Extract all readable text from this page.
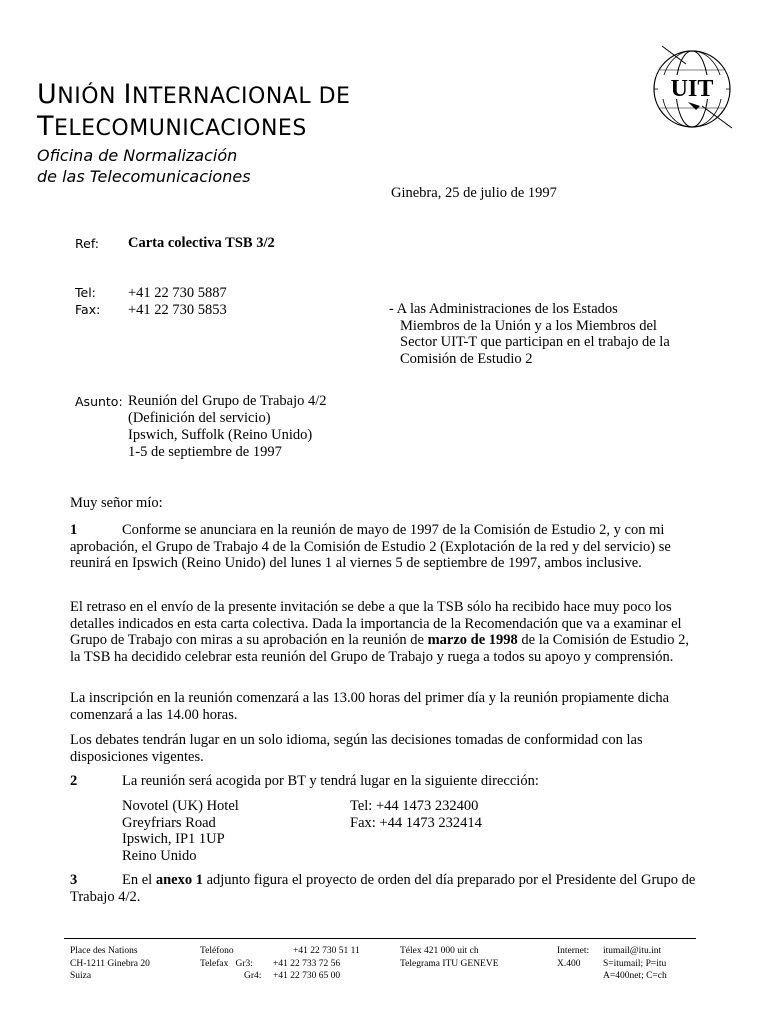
UNIÓN INTERNACIONAL DE
TELECOMUNICACIONES
Oficina de Normalización
de las Telecomunicaciones
UIT
Ginebra, 25 de julio de 1997
Ref: Carta colectiva TSB 3/2
Tel: +41 22 730 5887
Fax: +41 22 730 5853	- A las Administraciones de los Estados
Miembros de la Unión y a los Miembros del
Sector UIT-T que participan en el trabajo de la
Comisión de Estudio 2
Asunto: Reunión del Grupo de Trabajo 4/2
(Definición del servicio)
Ipswich, Suffolk (Reino Unido)
1-5 de septiembre de 1997
Muy señor mío:
1	Conforme se anunciara en la reunión de mayo de 1997 de la Comisión de Estudio 2, y con mi aprobación, el Grupo de Trabajo 4 de la Comisión de Estudio 2 (Explotación de la red y del servicio) se reunirá en Ipswich (Reino Unido) del lunes 1 al viernes 5 de septiembre de 1997, ambos inclusive.
El retraso en el envío de la presente invitación se debe a que la TSB sólo ha recibido hace muy poco los detalles indicados en esta carta colectiva. Dada la importancia de la Recomendación que va a examinar el Grupo de Trabajo con miras a su aprobación en la reunión de marzo de 1998 de la Comisión de Estudio 2, la TSB ha decidido celebrar esta reunión del Grupo de Trabajo y ruega a todos su apoyo y comprensión.
La inscripción en la reunión comenzará a las 13.00 horas del primer día y la reunión propiamente dicha comenzará a las 14.00 horas.
Los debates tendrán lugar en un solo idioma, según las decisiones tomadas de conformidad con las disposiciones vigentes.
2	La reunión será acogida por BT y tendrá lugar en la siguiente dirección:
Novotel (UK) Hotel
Greyfriars Road
Ipswich, IP1 1UP
Reino Unido
Tel: +44 1473 232400
Fax: +44 1473 232414
3	En el anexo 1 adjunto figura el proyecto de orden del día preparado por el Presidente del Grupo de Trabajo 4/2.
Place des Nations
CH-1211 Ginebra 20
Suiza
Teléfono
Telefax Gr3:
Gr4:
+41 22 730 51 11
+41 22 733 72 56
+41 22 730 65 00
Télex 421 000 uit ch
Telegrama ITU GENEVE
Internet:
X.400
itumail@itu.int
S=itumail; P=itu
A=400net; C=ch
